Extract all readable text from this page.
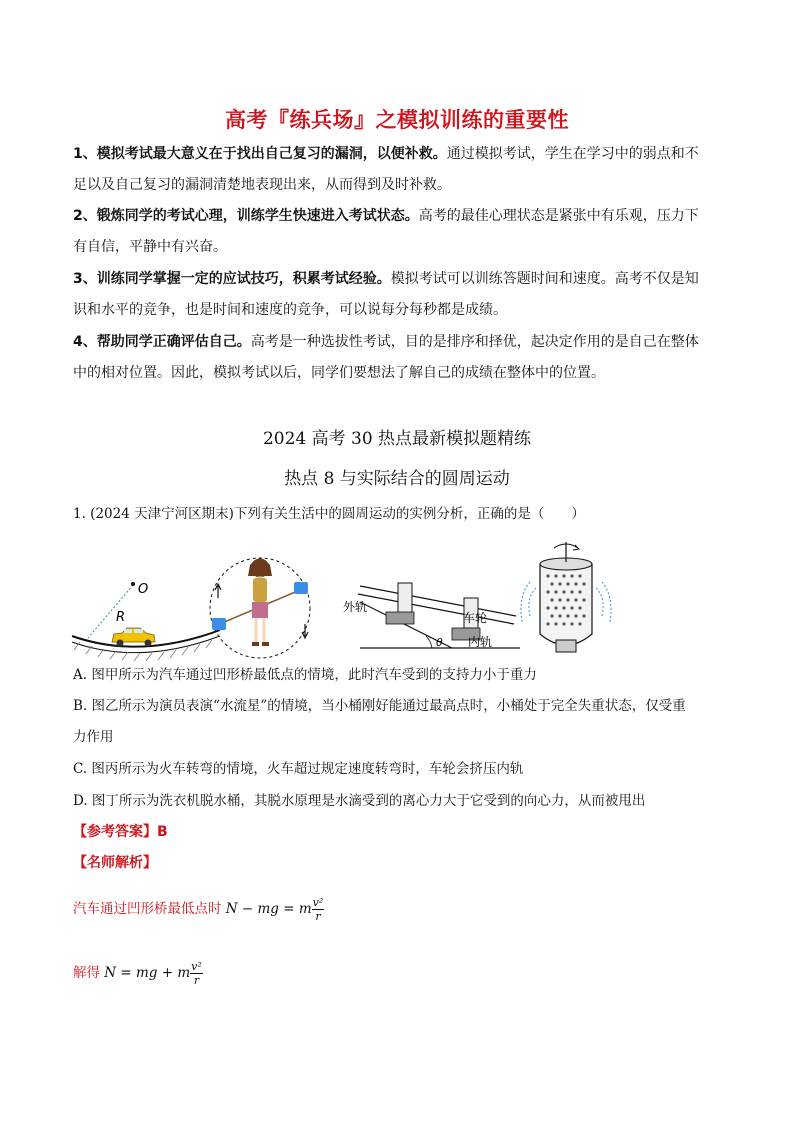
高考『练兵场』之模拟训练的重要性
1、模拟考试最大意义在于找出自己复习的漏洞，以便补救。通过模拟考试，学生在学习中的弱点和不
足以及自己复习的漏洞清楚地表现出来，从而得到及时补救。
2、锻炼同学的考试心理，训练学生快速进入考试状态。高考的最佳心理状态是紧张中有乐观，压力下
有自信，平静中有兴奋。
3、训练同学掌握一定的应试技巧，积累考试经验。模拟考试可以训练答题时间和速度。高考不仅是知
识和水平的竞争，也是时间和速度的竞争，可以说每分每秒都是成绩。
4、帮助同学正确评估自己。高考是一种选拔性考试，目的是排序和择优，起决定作用的是自己在整体
中的相对位置。因此，模拟考试以后，同学们要想法了解自己的成绩在整体中的位置。
2024 高考 30 热点最新模拟题精练
热点 8 与实际结合的圆周运动
1. (2024 天津宁河区期末)下列有关生活中的圆周运动的实例分析，正确的是（　　）
O
R
外轨
车轮
内轨
θ
A. 图甲所示为汽车通过凹形桥最低点的情境，此时汽车受到的支持力小于重力
B. 图乙所示为演员表演“水流星”的情境，当小桶刚好能通过最高点时，小桶处于完全失重状态，仅受重
力作用
C. 图丙所示为火车转弯的情境，火车超过规定速度转弯时，车轮会挤压内轨
D. 图丁所示为洗衣机脱水桶，其脱水原理是水滴受到的离心力大于它受到的向心力，从而被甩出
【参考答案】B
【名师解析】
汽车通过凹形桥最低点时 N − mg = m $\frac{\text{v²}}{r}$
解得 N = mg + m $\frac{\text{v²}}{r}$
